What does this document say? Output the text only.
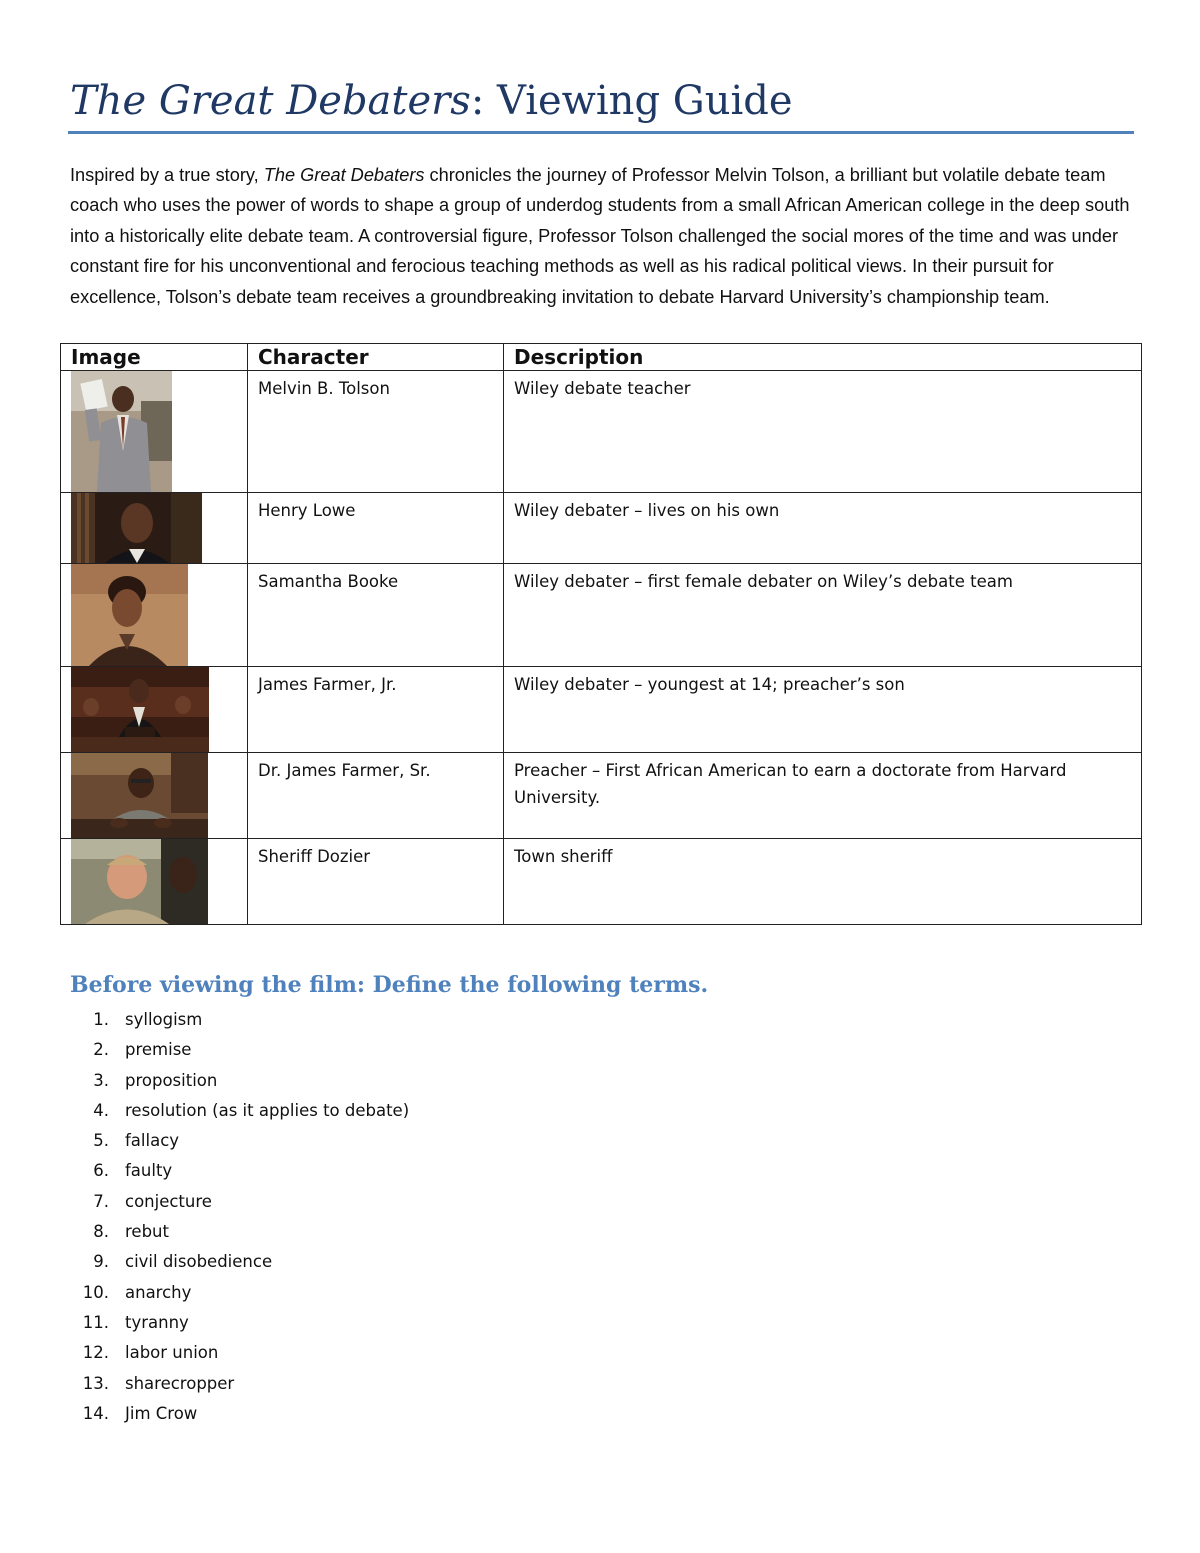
The Great Debaters: Viewing Guide

Inspired by a true story, The Great Debaters chronicles the journey of Professor Melvin Tolson, a brilliant but volatile debate team coach who uses the power of words to shape a group of underdog students from a small African American college in the deep south into a historically elite debate team. A controversial figure, Professor Tolson challenged the social mores of the time and was under constant fire for his unconventional and ferocious teaching methods as well as his radical political views. In their pursuit for excellence, Tolson’s debate team receives a groundbreaking invitation to debate Harvard University’s championship team.

Image	Character	Description

	Melvin B. Tolson	Wiley debate teacher

	Henry Lowe	Wiley debater – lives on his own

	Samantha Booke	Wiley debater – first female debater on Wiley’s debate team

	James Farmer, Jr.	Wiley debater – youngest at 14; preacher’s son

	Dr. James Farmer, Sr.	Preacher – First African American to earn a doctorate from Harvard University.

	Sheriff Dozier	Town sheriff
Before viewing the film: Define the following terms.
1. syllogism
2. premise
3. proposition
4. resolution (as it applies to debate)
5. fallacy
6. faulty
7. conjecture
8. rebut
9. civil disobedience
10. anarchy
11. tyranny
12. labor union
13. sharecropper
14. Jim Crow
